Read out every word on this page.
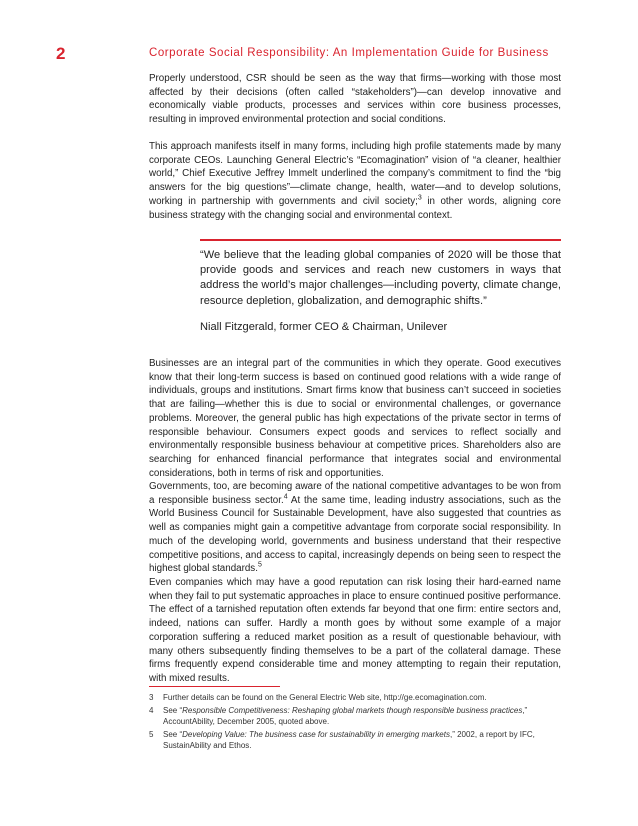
2	Corporate Social Responsibility: An Implementation Guide for Business

Properly understood, CSR should be seen as the way that firms—working with those most affected by their decisions (often called “stakeholders”)—can develop innovative and economically viable products, processes and services within core business processes, resulting in improved environmental protection and social conditions.

This approach manifests itself in many forms, including high profile statements made by many corporate CEOs. Launching General Electric’s “Ecomagination” vision of “a cleaner, healthier world,” Chief Executive Jeffrey Immelt underlined the company’s commitment to find the “big answers for the big questions”—climate change, health, water—and to develop solutions, working in partnership with governments and civil society;$^3$ in other words, aligning core business strategy with the changing social and environmental context.

“We believe that the leading global companies of 2020 will be those that provide goods and services and reach new customers in ways that address the world’s major challenges—including poverty, climate change, resource depletion, globalization, and demographic shifts.”

Niall Fitzgerald, former CEO & Chairman, Unilever

Businesses are an integral part of the communities in which they operate. Good executives know that their long-term success is based on continued good relations with a wide range of individuals, groups and institutions. Smart firms know that business can’t succeed in societies that are failing—whether this is due to social or environmental challenges, or governance problems. Moreover, the general public has high expectations of the private sector in terms of responsible behaviour. Consumers expect goods and services to reflect socially and environmentally responsible business behaviour at competitive prices. Shareholders also are searching for enhanced financial performance that integrates social and environmental considerations, both in terms of risk and opportunities.

Governments, too, are becoming aware of the national competitive advantages to be won from a responsible business sector.$^4$ At the same time, leading industry associations, such as the World Business Council for Sustainable Development, have also suggested that countries as well as companies might gain a competitive advantage from corporate social responsibility. In much of the developing world, governments and business understand that their respective competitive positions, and access to capital, increasingly depends on being seen to respect the highest global standards.$^5$

Even companies which may have a good reputation can risk losing their hard-earned name when they fail to put systematic approaches in place to ensure continued positive performance. The effect of a tarnished reputation often extends far beyond that one firm: entire sectors and, indeed, nations can suffer. Hardly a month goes by without some example of a major corporation suffering a reduced market position as a result of questionable behaviour, with many others subsequently finding themselves to be a part of the collateral damage. These firms frequently expend considerable time and money attempting to regain their reputation, with mixed results.

3 Further details can be found on the General Electric Web site, http://ge.ecomagination.com.
4 See “Responsible Competitiveness: Reshaping global markets though responsible business practices,” AccountAbility, December 2005, quoted above.
5 See “Developing Value: The business case for sustainability in emerging markets,” 2002, a report by IFC, SustainAbility and Ethos.
